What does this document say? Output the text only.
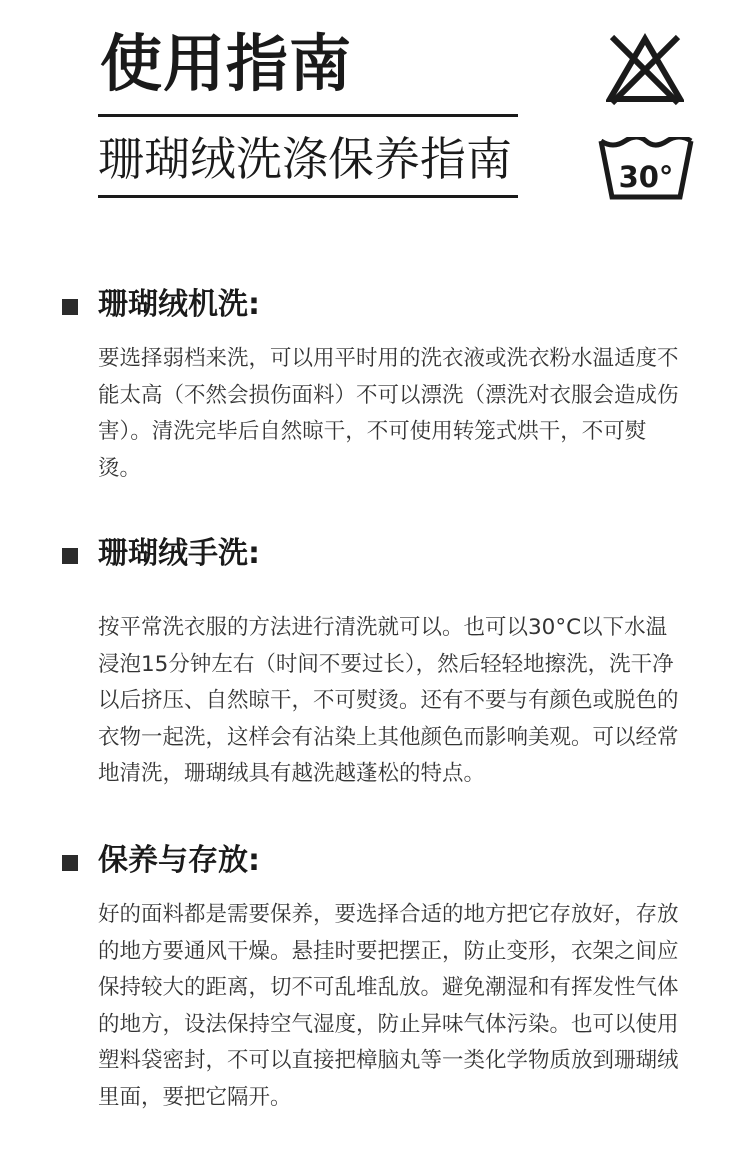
使用指南
珊瑚绒洗涤保养指南	30°
珊瑚绒机洗:

要选择弱档来洗，可以用平时用的洗衣液或洗衣粉水温适度不能太高（不然会损伤面料）不可以漂洗（漂洗对衣服会造成伤害）。清洗完毕后自然晾干，不可使用转笼式烘干，不可熨烫。

珊瑚绒手洗:

按平常洗衣服的方法进行清洗就可以。也可以30°C以下水温浸泡15分钟左右（时间不要过长），然后轻轻地擦洗，洗干净以后挤压、自然晾干，不可熨烫。还有不要与有颜色或脱色的衣物一起洗，这样会有沾染上其他颜色而影响美观。可以经常地清洗，珊瑚绒具有越洗越蓬松的特点。

保养与存放:

好的面料都是需要保养，要选择合适的地方把它存放好，存放的地方要通风干燥。悬挂时要把摆正，防止变形，衣架之间应保持较大的距离，切不可乱堆乱放。避免潮湿和有挥发性气体的地方，设法保持空气湿度，防止异味气体污染。也可以使用塑料袋密封，不可以直接把樟脑丸等一类化学物质放到珊瑚绒里面，要把它隔开。
